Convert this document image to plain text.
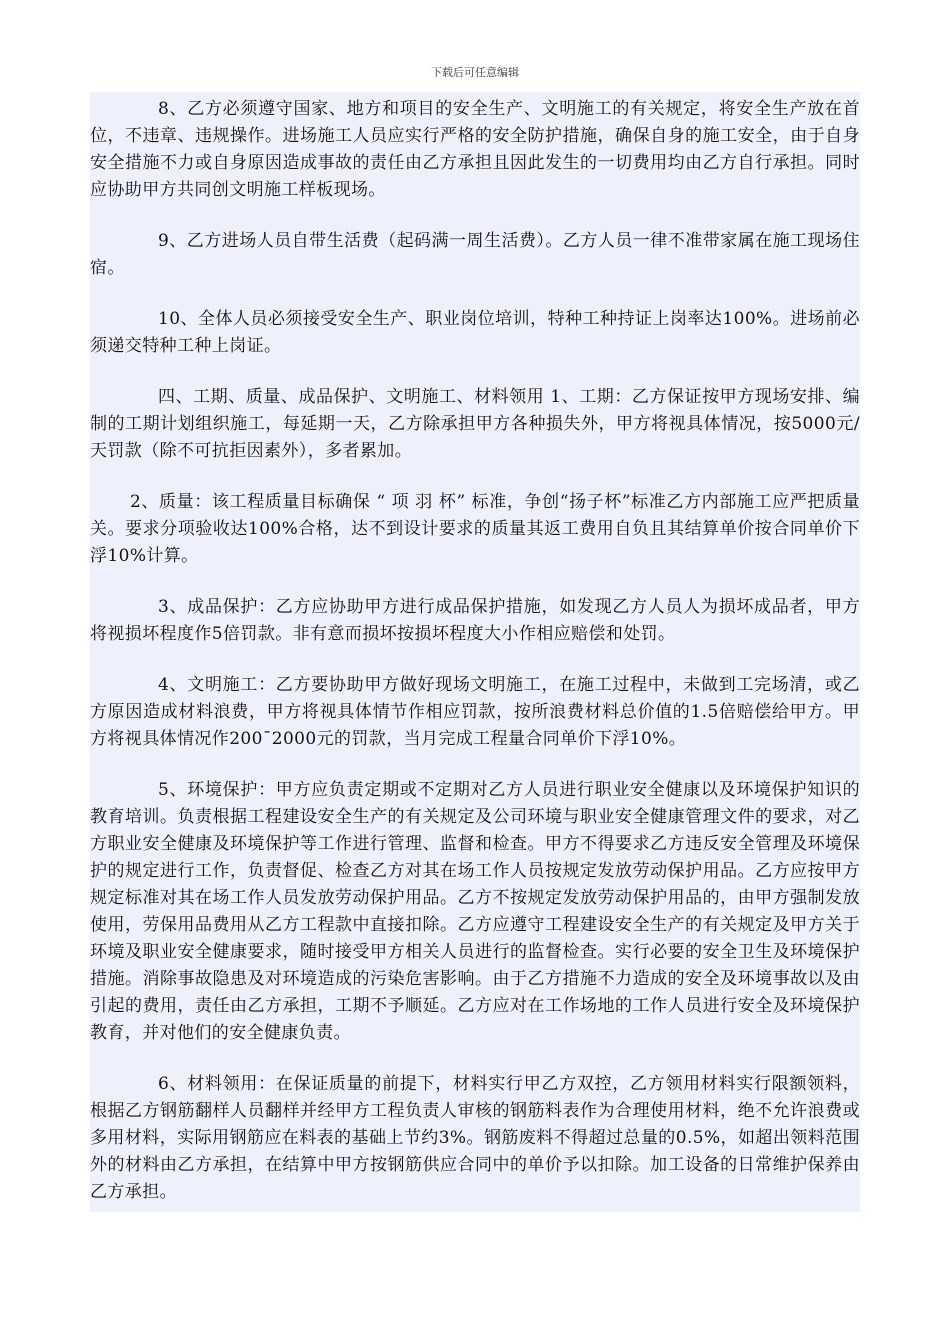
下载后可任意编辑

8、乙方必须遵守国家、地方和项目的安全生产、文明施工的有关规定，将安全生产放在首位，不违章、违规操作。进场施工人员应实行严格的安全防护措施，确保自身的施工安全，由于自身安全措施不力或自身原因造成事故的责任由乙方承担且因此发生的一切费用均由乙方自行承担。同时应协助甲方共同创文明施工样板现场。

9、乙方进场人员自带生活费（起码满一周生活费）。乙方人员一律不准带家属在施工现场住宿。

10、全体人员必须接受安全生产、职业岗位培训，特种工种持证上岗率达100%。进场前必须递交特种工种上岗证。

四、工期、质量、成品保护、文明施工、材料领用 1、工期：乙方保证按甲方现场安排、编制的工期计划组织施工，每延期一天，乙方除承担甲方各种损失外，甲方将视具体情况，按5000元/天罚款（除不可抗拒因素外），多者累加。

2、质量：该工程质量目标确保 “ 项 羽 杯” 标准，争创“扬子杯”标准乙方内部施工应严把质量关。要求分项验收达100%合格，达不到设计要求的质量其返工费用自负且其结算单价按合同单价下浮10%计算。

3、成品保护：乙方应协助甲方进行成品保护措施，如发现乙方人员人为损坏成品者，甲方将视损坏程度作5倍罚款。非有意而损坏按损坏程度大小作相应赔偿和处罚。

4、文明施工：乙方要协助甲方做好现场文明施工，在施工过程中，未做到工完场清，或乙方原因造成材料浪费，甲方将视具体情节作相应罚款，按所浪费材料总价值的1.5倍赔偿给甲方。甲方将视具体情况作200¯2000元的罚款，当月完成工程量合同单价下浮10%。

5、环境保护：甲方应负责定期或不定期对乙方人员进行职业安全健康以及环境保护知识的教育培训。负责根据工程建设安全生产的有关规定及公司环境与职业安全健康管理文件的要求，对乙方职业安全健康及环境保护等工作进行管理、监督和检查。甲方不得要求乙方违反安全管理及环境保护的规定进行工作，负责督促、检查乙方对其在场工作人员按规定发放劳动保护用品。乙方应按甲方规定标准对其在场工作人员发放劳动保护用品。乙方不按规定发放劳动保护用品的，由甲方强制发放使用，劳保用品费用从乙方工程款中直接扣除。乙方应遵守工程建设安全生产的有关规定及甲方关于环境及职业安全健康要求，随时接受甲方相关人员进行的监督检查。实行必要的安全卫生及环境保护措施。消除事故隐患及对环境造成的污染危害影响。由于乙方措施不力造成的安全及环境事故以及由引起的费用，责任由乙方承担，工期不予顺延。乙方应对在工作场地的工作人员进行安全及环境保护教育，并对他们的安全健康负责。

6、材料领用：在保证质量的前提下，材料实行甲乙方双控，乙方领用材料实行限额领料，根据乙方钢筋翻样人员翻样并经甲方工程负责人审核的钢筋料表作为合理使用材料，绝不允许浪费或多用材料，实际用钢筋应在料表的基础上节约3%。钢筋废料不得超过总量的0.5%，如超出领料范围外的材料由乙方承担，在结算中甲方按钢筋供应合同中的单价予以扣除。加工设备的日常维护保养由乙方承担。
